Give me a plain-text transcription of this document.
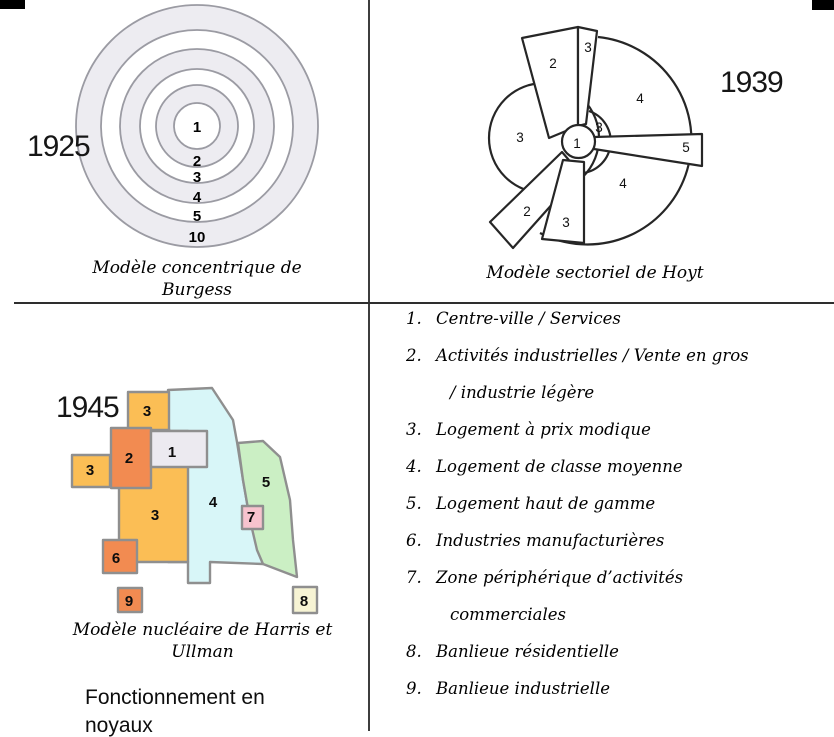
1
2
3
4
5
10
2
3
4
3
3
1	5
4
2
3
3
2 1
3
3
4
5
6
7
9	8
1925
1939
1945
Modèle concentrique de
Burgess
Modèle sectoriel de Hoyt
Modèle nucléaire de Harris et
Ullman
Fonctionnement en
noyaux
1. Centre-ville / Services
2. Activités industrielles / Vente en gros
/ industrie légère
3. Logement à prix modique
4. Logement de classe moyenne
5. Logement haut de gamme
6. Industries manufacturières
7. Zone périphérique d’activités
commerciales
8. Banlieue résidentielle
9. Banlieue industrielle
